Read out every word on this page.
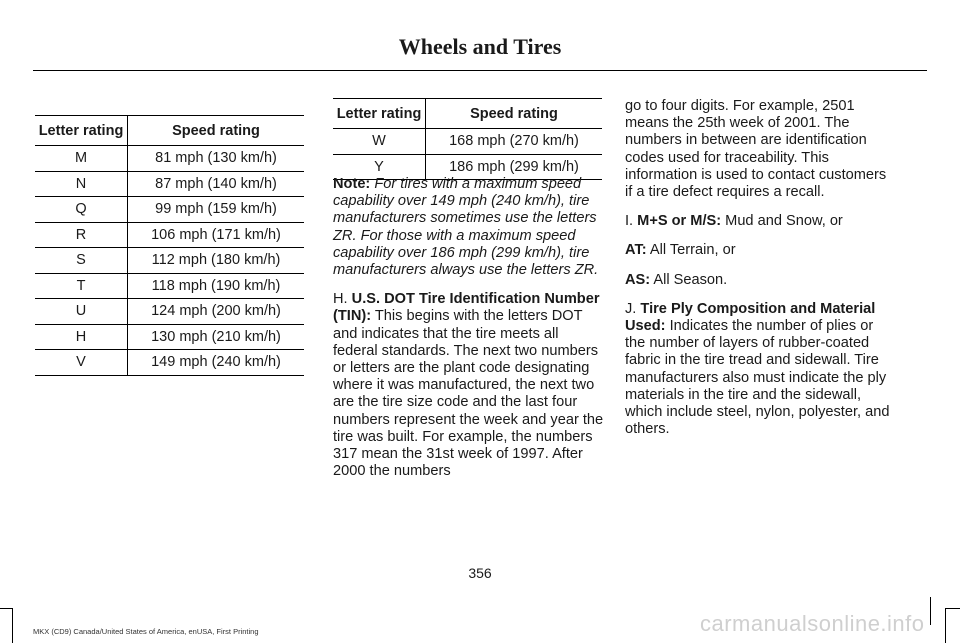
Wheels and Tires
Letter rating	Speed rating
M	81 mph (130 km/h)
N	87 mph (140 km/h)
Q	99 mph (159 km/h)
R	106 mph (171 km/h)
S	112 mph (180 km/h)
T	118 mph (190 km/h)
U	124 mph (200 km/h)
H	130 mph (210 km/h)
V	149 mph (240 km/h)
Letter rating	Speed rating
W	168 mph (270 km/h)
Y	186 mph (299 km/h)

Note: For tires with a maximum speed capability over 149 mph (240 km/h), tire manufacturers sometimes use the letters ZR. For those with a maximum speed capability over 186 mph (299 km/h), tire manufacturers always use the letters ZR.

H. U.S. DOT Tire Identification Number (TIN): This begins with the letters DOT and indicates that the tire meets all federal standards. The next two numbers or letters are the plant code designating where it was manufactured, the next two are the tire size code and the last four numbers represent the week and year the tire was built. For example, the numbers 317 mean the 31st week of 1997. After 2000 the numbers

go to four digits. For example, 2501 means the 25th week of 2001. The numbers in between are identification codes used for traceability. This information is used to contact customers if a tire defect requires a recall.

I. M+S or M/S: Mud and Snow, or

AT: All Terrain, or

AS: All Season.

J. Tire Ply Composition and Material Used: Indicates the number of plies or the number of layers of rubber-coated fabric in the tire tread and sidewall. Tire manufacturers also must indicate the ply materials in the tire and the sidewall, which include steel, nylon, polyester, and others.

356
MKX (CD9) Canada/United States of America, enUSA, First Printing	carmanualsonline.info
